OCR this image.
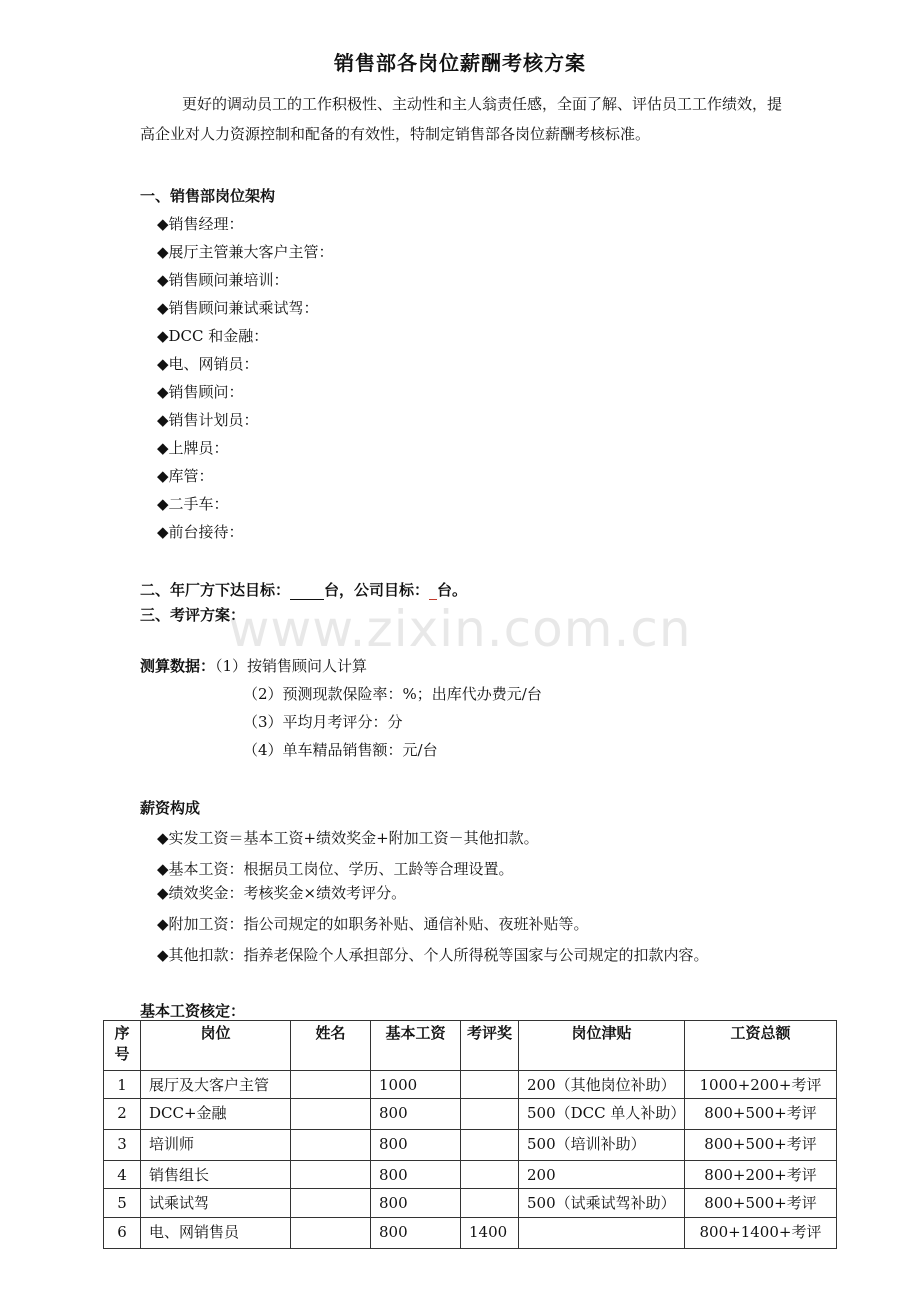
销售部各岗位薪酬考核方案
更好的调动员工的工作积极性、主动性和主人翁责任感，全面了解、评估员工工作绩效，提高企业对人力资源控制和配备的有效性，特制定销售部各岗位薪酬考核标准。
一、销售部岗位架构
◆销售经理：
◆展厅主管兼大客户主管：
◆销售顾问兼培训：
◆销售顾问兼试乘试驾：
◆DCC 和金融：
◆电、网销员：
◆销售顾问：
◆销售计划员：
◆上牌员：
◆库管：
◆二手车：
◆前台接待：
二、年厂方下达目标： 台，公司目标： 台。
三、考评方案：
www.zixin.com.cn
测算数据：（1）按销售顾问人计算
（2）预测现款保险率：%；出库代办费元/台
（3）平均月考评分：分
（4）单车精品销售额：元/台
薪资构成
◆实发工资＝基本工资+绩效奖金+附加工资－其他扣款。
◆基本工资：根据员工岗位、学历、工龄等合理设置。
◆绩效奖金：考核奖金×绩效考评分。
◆附加工资：指公司规定的如职务补贴、通信补贴、夜班补贴等。
◆其他扣款：指养老保险个人承担部分、个人所得税等国家与公司规定的扣款内容。
基本工资核定：
序号	岗位	姓名	基本工资	考评奖	岗位津贴	工资总额
1	展厅及大客户主管		1000		200（其他岗位补助）	1000+200+考评
2	DCC+金融		800		500（DCC 单人补助）	800+500+考评
3	培训师		800		500（培训补助）	800+500+考评
4	销售组长		800		200	800+200+考评
5	试乘试驾		800		500（试乘试驾补助）	800+500+考评
6	电、网销售员		800	1400		800+1400+考评
